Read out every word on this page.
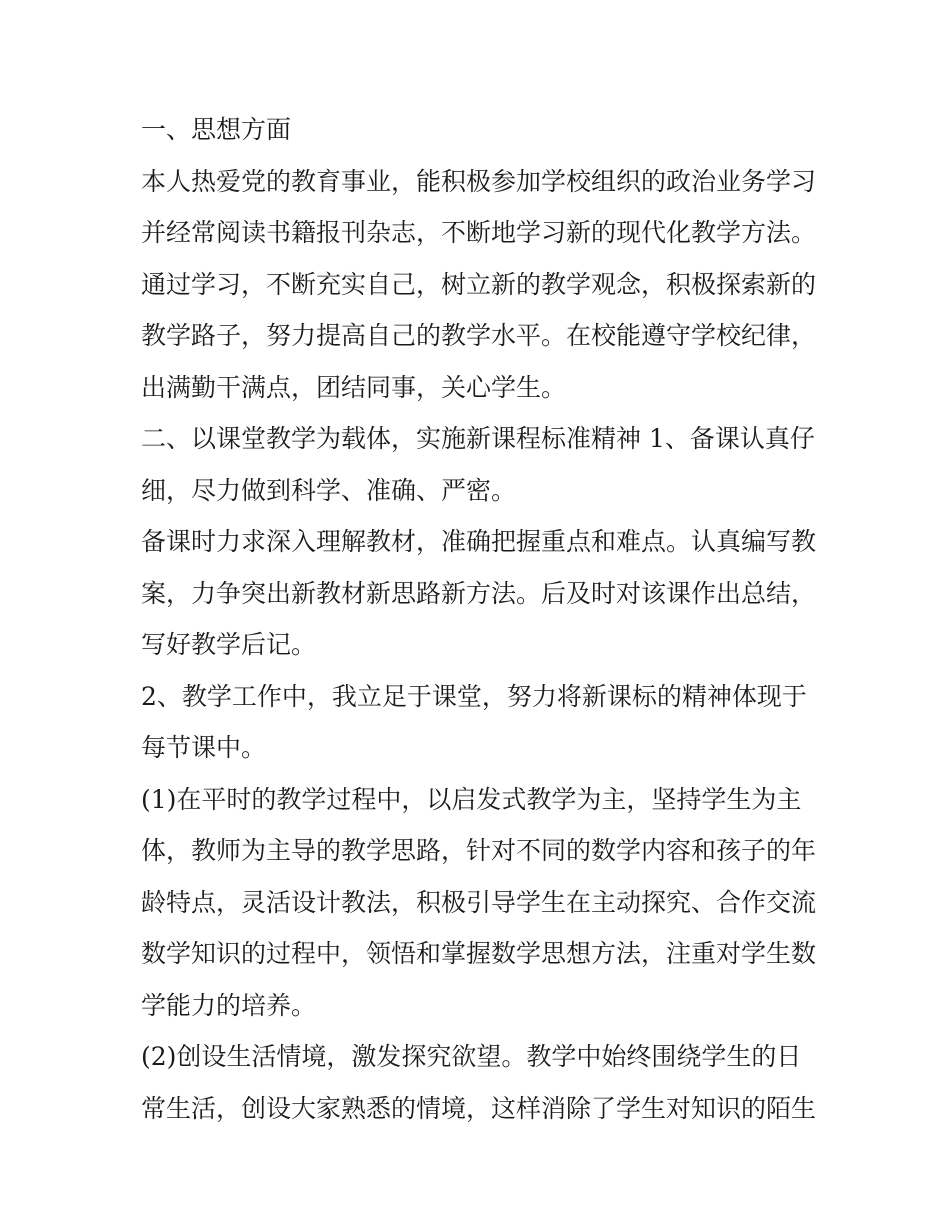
一、思想方面

本人热爱党的教育事业，能积极参加学校组织的政治业务学习

并经常阅读书籍报刊杂志，不断地学习新的现代化教学方法。

通过学习，不断充实自己，树立新的教学观念，积极探索新的

教学路子，努力提高自己的教学水平。在校能遵守学校纪律，

出满勤干满点，团结同事，关心学生。

二、以课堂教学为载体，实施新课程标准精神 1、备课认真仔

细，尽力做到科学、准确、严密。

备课时力求深入理解教材，准确把握重点和难点。认真编写教

案，力争突出新教材新思路新方法。后及时对该课作出总结，

写好教学后记。

2、教学工作中，我立足于课堂，努力将新课标的精神体现于

每节课中。

(1)在平时的教学过程中，以启发式教学为主，坚持学生为主

体，教师为主导的教学思路，针对不同的数学内容和孩子的年

龄特点，灵活设计教法，积极引导学生在主动探究、合作交流

数学知识的过程中，领悟和掌握数学思想方法，注重对学生数

学能力的培养。

(2)创设生活情境，激发探究欲望。教学中始终围绕学生的日

常生活，创设大家熟悉的情境，这样消除了学生对知识的陌生
